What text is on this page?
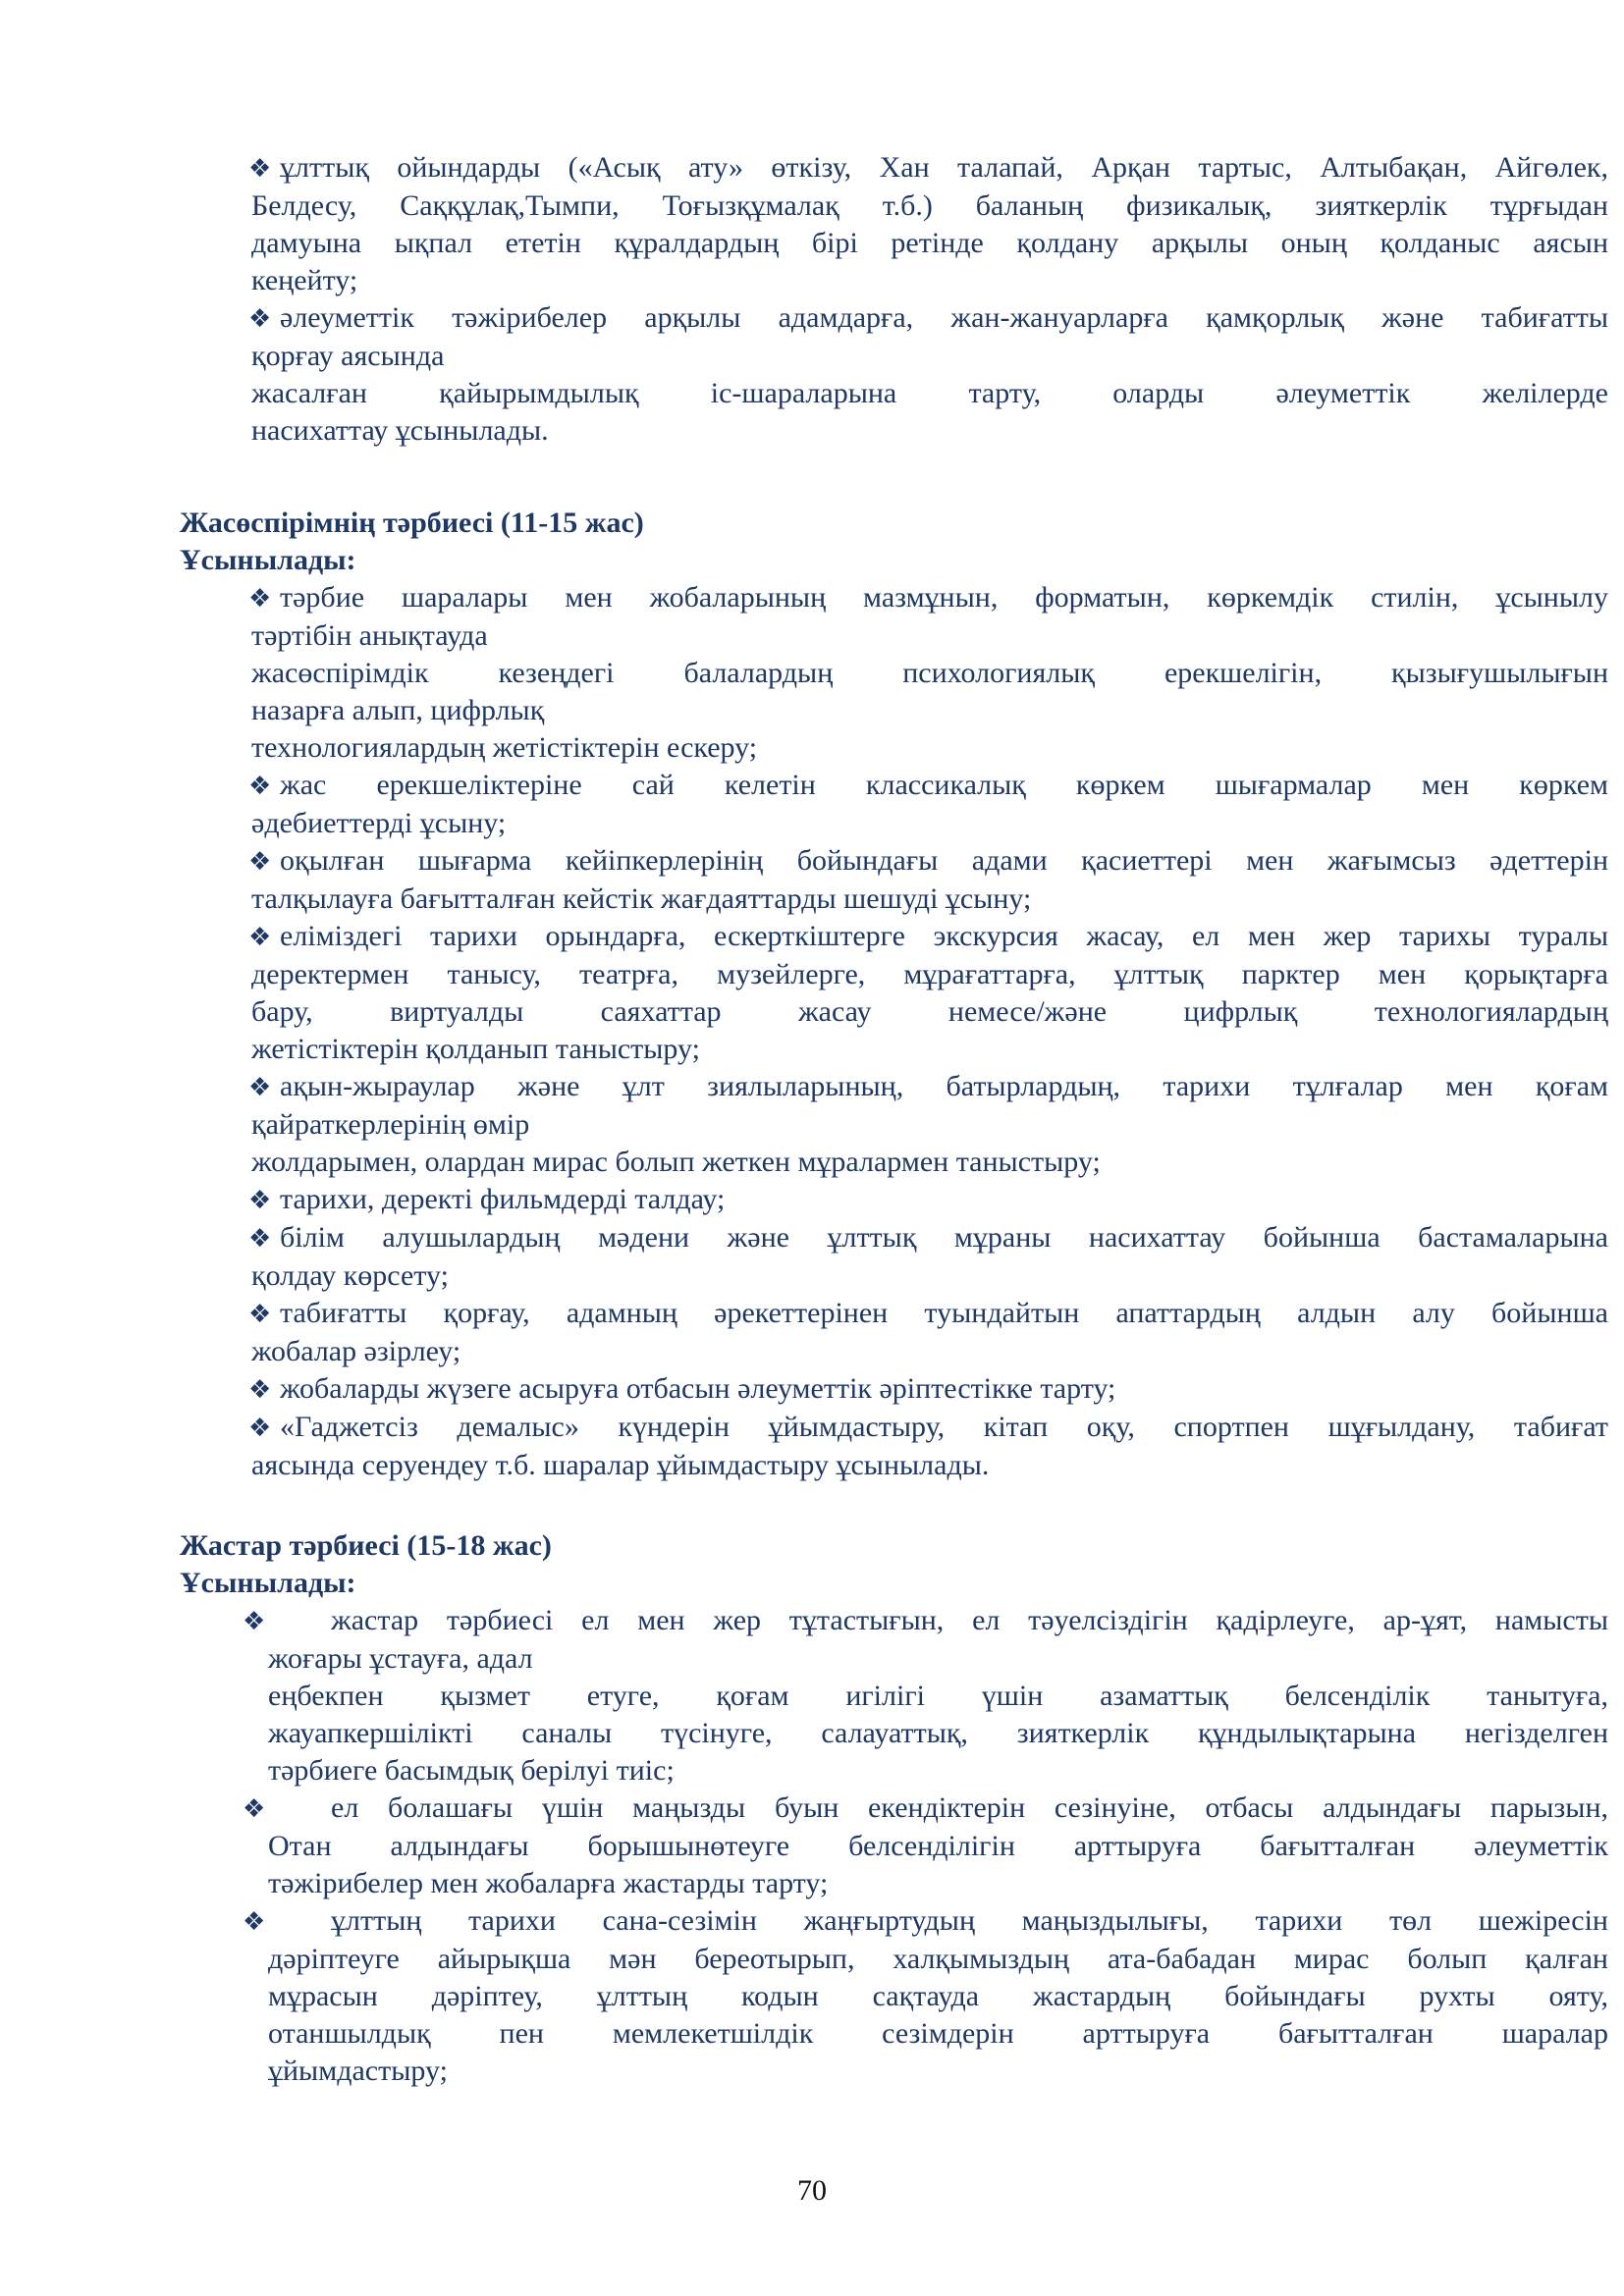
❖ ұлттық ойындарды («Асық ату» өткізу, Хан талапай, Арқан тартыс, Алтыбақан, Айгөлек,
Белдесу, Саққұлақ,Тымпи, Тоғызқұмалақ т.б.) баланың физикалық, зияткерлік тұрғыдан
дамуына ықпал ететін құралдардың бірі ретінде қолдану арқылы оның қолданыс аясын
кеңейту;
❖ әлеуметтік тәжірибелер арқылы адамдарға, жан-жануарларға қамқорлық және табиғатты
қорғау аясында
жасалған қайырымдылық іс-шараларына тарту, оларды әлеуметтік желілерде
насихаттау ұсынылады.
Жасөспірімнің тәрбиесі (11-15 жас)
Ұсынылады:
❖ тәрбие шаралары мен жобаларының мазмұнын, форматын, көркемдік стилін, ұсынылу
тәртібін анықтауда
жасөспірімдік кезеңдегі балалардың психологиялық ерекшелігін, қызығушылығын
назарға алып, цифрлық
технологиялардың жетістіктерін ескеру;
❖ жас ерекшеліктеріне сай келетін классикалық көркем шығармалар мен көркем
әдебиеттерді ұсыну;
❖ оқылған шығарма кейіпкерлерінің бойындағы адами қасиеттері мен жағымсыз әдеттерін
талқылауға бағытталған кейстік жағдаяттарды шешуді ұсыну;
❖ еліміздегі тарихи орындарға, ескерткіштерге экскурсия жасау, ел мен жер тарихы туралы
деректермен танысу, театрға, музейлерге, мұрағаттарға, ұлттық парктер мен қорықтарға
бару, виртуалды саяхаттар жасау немесе/және цифрлық технологиялардың
жетістіктерін қолданып таныстыру;
❖ ақын-жыраулар және ұлт зиялыларының, батырлардың, тарихи тұлғалар мен қоғам
қайраткерлерінің өмір
жолдарымен, олардан мирас болып жеткен мұралармен таныстыру;
❖ тарихи, деректі фильмдерді талдау;
❖ білім алушылардың мәдени және ұлттық мұраны насихаттау бойынша бастамаларына
қолдау көрсету;
❖ табиғатты қорғау, адамның әрекеттерінен туындайтын апаттардың алдын алу бойынша
жобалар әзірлеу;
❖ жобаларды жүзеге асыруға отбасын әлеуметтік әріптестікке тарту;
❖ «Гаджетсіз демалыс» күндерін ұйымдастыру, кітап оқу, спортпен шұғылдану, табиғат
аясында серуендеу т.б. шаралар ұйымдастыру ұсынылады.
Жастар тәрбиесі (15-18 жас)
Ұсынылады:
❖ жастар тәрбиесі ел мен жер тұтастығын, ел тәуелсіздігін қадірлеуге, ар-ұят, намысты
жоғары ұстауға, адал
еңбекпен қызмет етуге, қоғам игілігі үшін азаматтық белсенділік танытуға,
жауапкершілікті саналы түсінуге, салауаттық, зияткерлік құндылықтарына негізделген
тәрбиеге басымдық берілуі тиіс;
❖ ел болашағы үшін маңызды буын екендіктерін сезінуіне, отбасы алдындағы парызын,
Отан алдындағы борышынөтеуге белсенділігін арттыруға бағытталған әлеуметтік
тәжірибелер мен жобаларға жастарды тарту;
❖ ұлттың тарихи сана-сезімін жаңғыртудың маңыздылығы, тарихи төл шежіресін
дәріптеуге айырықша мән береотырып, халқымыздың ата-бабадан мирас болып қалған
мұрасын дәріптеу, ұлттың кодын сақтауда жастардың бойындағы рухты ояту,
отаншылдық пен мемлекетшілдік сезімдерін арттыруға бағытталған шаралар
ұйымдастыру;
70
